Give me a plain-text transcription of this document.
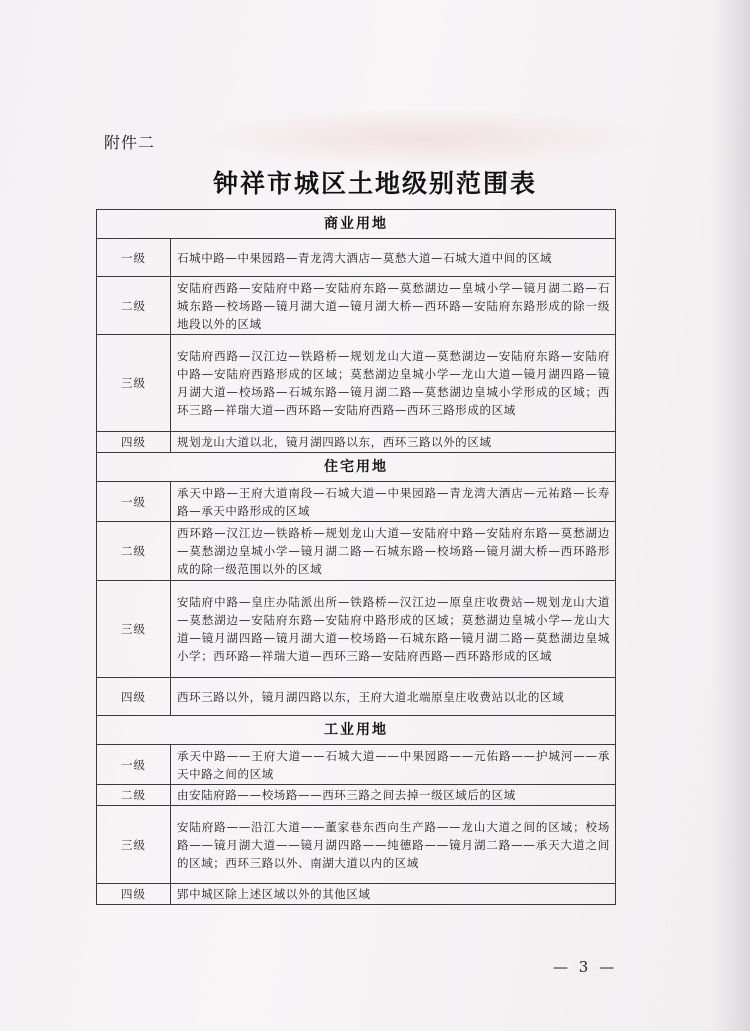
附件二
钟祥市城区土地级别范围表
商业用地	
一级	石城中路—中果园路—青龙湾大酒店—莫愁大道—石城大道中间的区域
二级	安陆府西路—安陆府中路—安陆府东路—莫愁湖边—皇城小学—镜月湖二路—石城东路—校场路—镜月湖大道—镜月湖大桥—西环路—安陆府东路形成的除一级地段以外的区域
三级	安陆府西路—汉江边—铁路桥—规划龙山大道—莫愁湖边—安陆府东路—安陆府中路—安陆府西路形成的区域；莫愁湖边皇城小学—龙山大道—镜月湖四路—镜月湖大道—校场路—石城东路—镜月湖二路—莫愁湖边皇城小学形成的区域；西环三路—祥瑞大道—西环路—安陆府西路—西环三路形成的区域
四级	规划龙山大道以北，镜月湖四路以东，西环三路以外的区域
住宅用地	
一级	承天中路—王府大道南段—石城大道—中果园路—青龙湾大酒店—元祐路—长寿路—承天中路形成的区域
二级	西环路—汉江边—铁路桥—规划龙山大道—安陆府中路—安陆府东路—莫愁湖边—莫愁湖边皇城小学—镜月湖二路—石城东路—校场路—镜月湖大桥—西环路形成的除一级范围以外的区域
三级	安陆府中路—皇庄办陆派出所—铁路桥—汉江边—原皇庄收费站—规划龙山大道—莫愁湖边—安陆府东路—安陆府中路形成的区域；莫愁湖边皇城小学—龙山大道—镜月湖四路—镜月湖大道—校场路—石城东路—镜月湖二路—莫愁湖边皇城小学；西环路—祥瑞大道—西环三路—安陆府西路—西环路形成的区域
四级	西环三路以外，镜月湖四路以东，王府大道北端原皇庄收费站以北的区域
工业用地	
一级	承天中路——王府大道——石城大道——中果园路——元佑路——护城河——承天中路之间的区域
二级	由安陆府路——校场路——西环三路之间去掉一级区域后的区域
三级	安陆府路——沿江大道——董家巷东西向生产路——龙山大道之间的区域；校场路——镜月湖大道——镜月湖四路——纯德路——镜月湖二路——承天大道之间的区域；西环三路以外、南湖大道以内的区域
四级	郢中城区除上述区域以外的其他区域
— 3 —
